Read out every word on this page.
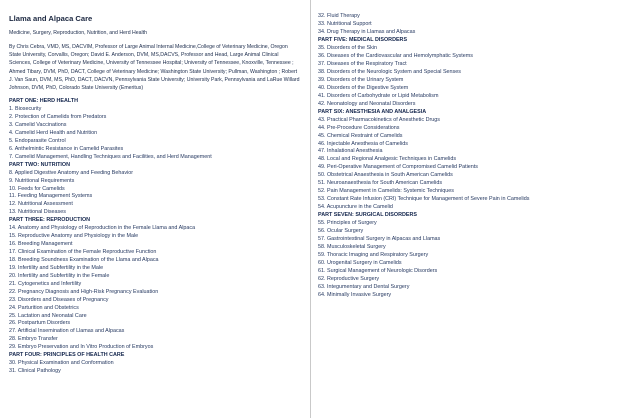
Llama and Alpaca Care
Medicine, Surgery, Reproduction, Nutrition, and Herd Health
By Chris Cebra, VMD, MS, DACVIM, Professor of Large Animal Internal Medicine,College of Veterinary Medicine, Oregon State University, Corvallis, Oregon; David E. Anderson, DVM, MS,DACVS, Professor and Head, Large Animal Clinical Sciences, College of Veterinary Medicine, University of Tennessee Hospital; University of Tennessee, Knoxville, Tennessee ; Ahmed Tibary, DVM, PhD, DACT, College of Veterinary Medicine; Washington State University; Pullman, Washington ; Robert J. Van Saun, DVM, MS, PhD, DACT, DACVN, Pennsylvania State University; University Park, Pennsylvania and LaRue Willard Johnson, DVM, PhD, Colorado State University (Emeritus)
PART ONE: HERD HEALTH
1. Biosecurity
2. Protection of Camelids from Predators
3. Camelid Vaccinations
4. Camelid Herd Health and Nutrition
5. Endoparasite Control
6. Anthelmintic Resistance in Camelid Parasites
7. Camelid Management, Handling Techniques and Facilities, and Herd Management
PART TWO: NUTRITION
8. Applied Digestive Anatomy and Feeding Behavior
9. Nutritional Requirements
10. Feeds for Camelids
11. Feeding Management Systems
12. Nutritional Assessment
13. Nutritional Diseases
PART THREE: REPRODUCTION
14. Anatomy and Physiology of Reproduction in the Female Llama and Alpaca
15. Reproductive Anatomy and Physiology in the Male
16. Breeding Management
17. Clinical Examination of the Female Reproductive Function
18. Breeding Soundness Examination of the Llama and Alpaca
19. Infertility and Subfertility in the Male
20. Infertility and Subfertility in the Female
21. Cytogenetics and Infertility
22. Pregnancy Diagnosis and High-Risk Pregnancy Evaluation
23. Disorders and Diseases of Pregnancy
24. Parturition and Obstetrics
25. Lactation and Neonatal Care
26. Postpartum Disorders
27. Artificial Insemination of Llamas and Alpacas
28. Embryo Transfer
29. Embryo Preservation and In Vitro Production of Embryos
PART FOUR: PRINCIPLES OF HEALTH CARE
30. Physical Examination and Conformation
31. Clinical Pathology
32. Fluid Therapy
33. Nutritional Support
34. Drug Therapy in Llamas and Alpacas
PART FIVE: MEDICAL DISORDERS
35. Disorders of the Skin
36. Diseases of the Cardiovascular and Hemolymphatic Systems
37. Diseases of the Respiratory Tract
38. Disorders of the Neurologic System and Special Senses
39. Disorders of the Urinary System
40. Disorders of the Digestive System
41. Disorders of Carbohydrate or Lipid Metabolism
42. Neonatology and Neonatal Disorders
PART SIX: ANESTHESIA AND ANALGESIA
43. Practical Pharmacokinetics of Anesthetic Drugs
44. Pre-Procedure Considerations
45. Chemical Restraint of Camelids
46. Injectable Anesthesia of Camelids
47. Inhalational Anesthesia
48. Local and Regional Analgesic Techniques in Camelids
49. Peri-Operative Management of Compromised Camelid Patients
50. Obstetrical Anaesthesia in South American Camelids
51. Neuroanaesthesia for South American Camelids
52. Pain Management in Camelids: Systemic Techniques
53. Constant Rate Infusion (CRI) Technique for Management of Severe Pain in Camelids
54. Acupuncture in the Camelid
PART SEVEN: SURGICAL DISORDERS
55. Principles of Surgery
56. Ocular Surgery
57. Gastrointestinal Surgery in Alpacas and Llamas
58. Musculoskeletal Surgery
59. Thoracic Imaging and Respiratory Surgery
60. Urogenital Surgery in Camelids
61. Surgical Management of Neurologic Disorders
62. Reproductive Surgery
63. Integumentary and Dental Surgery
64. Minimally Invasive Surgery
